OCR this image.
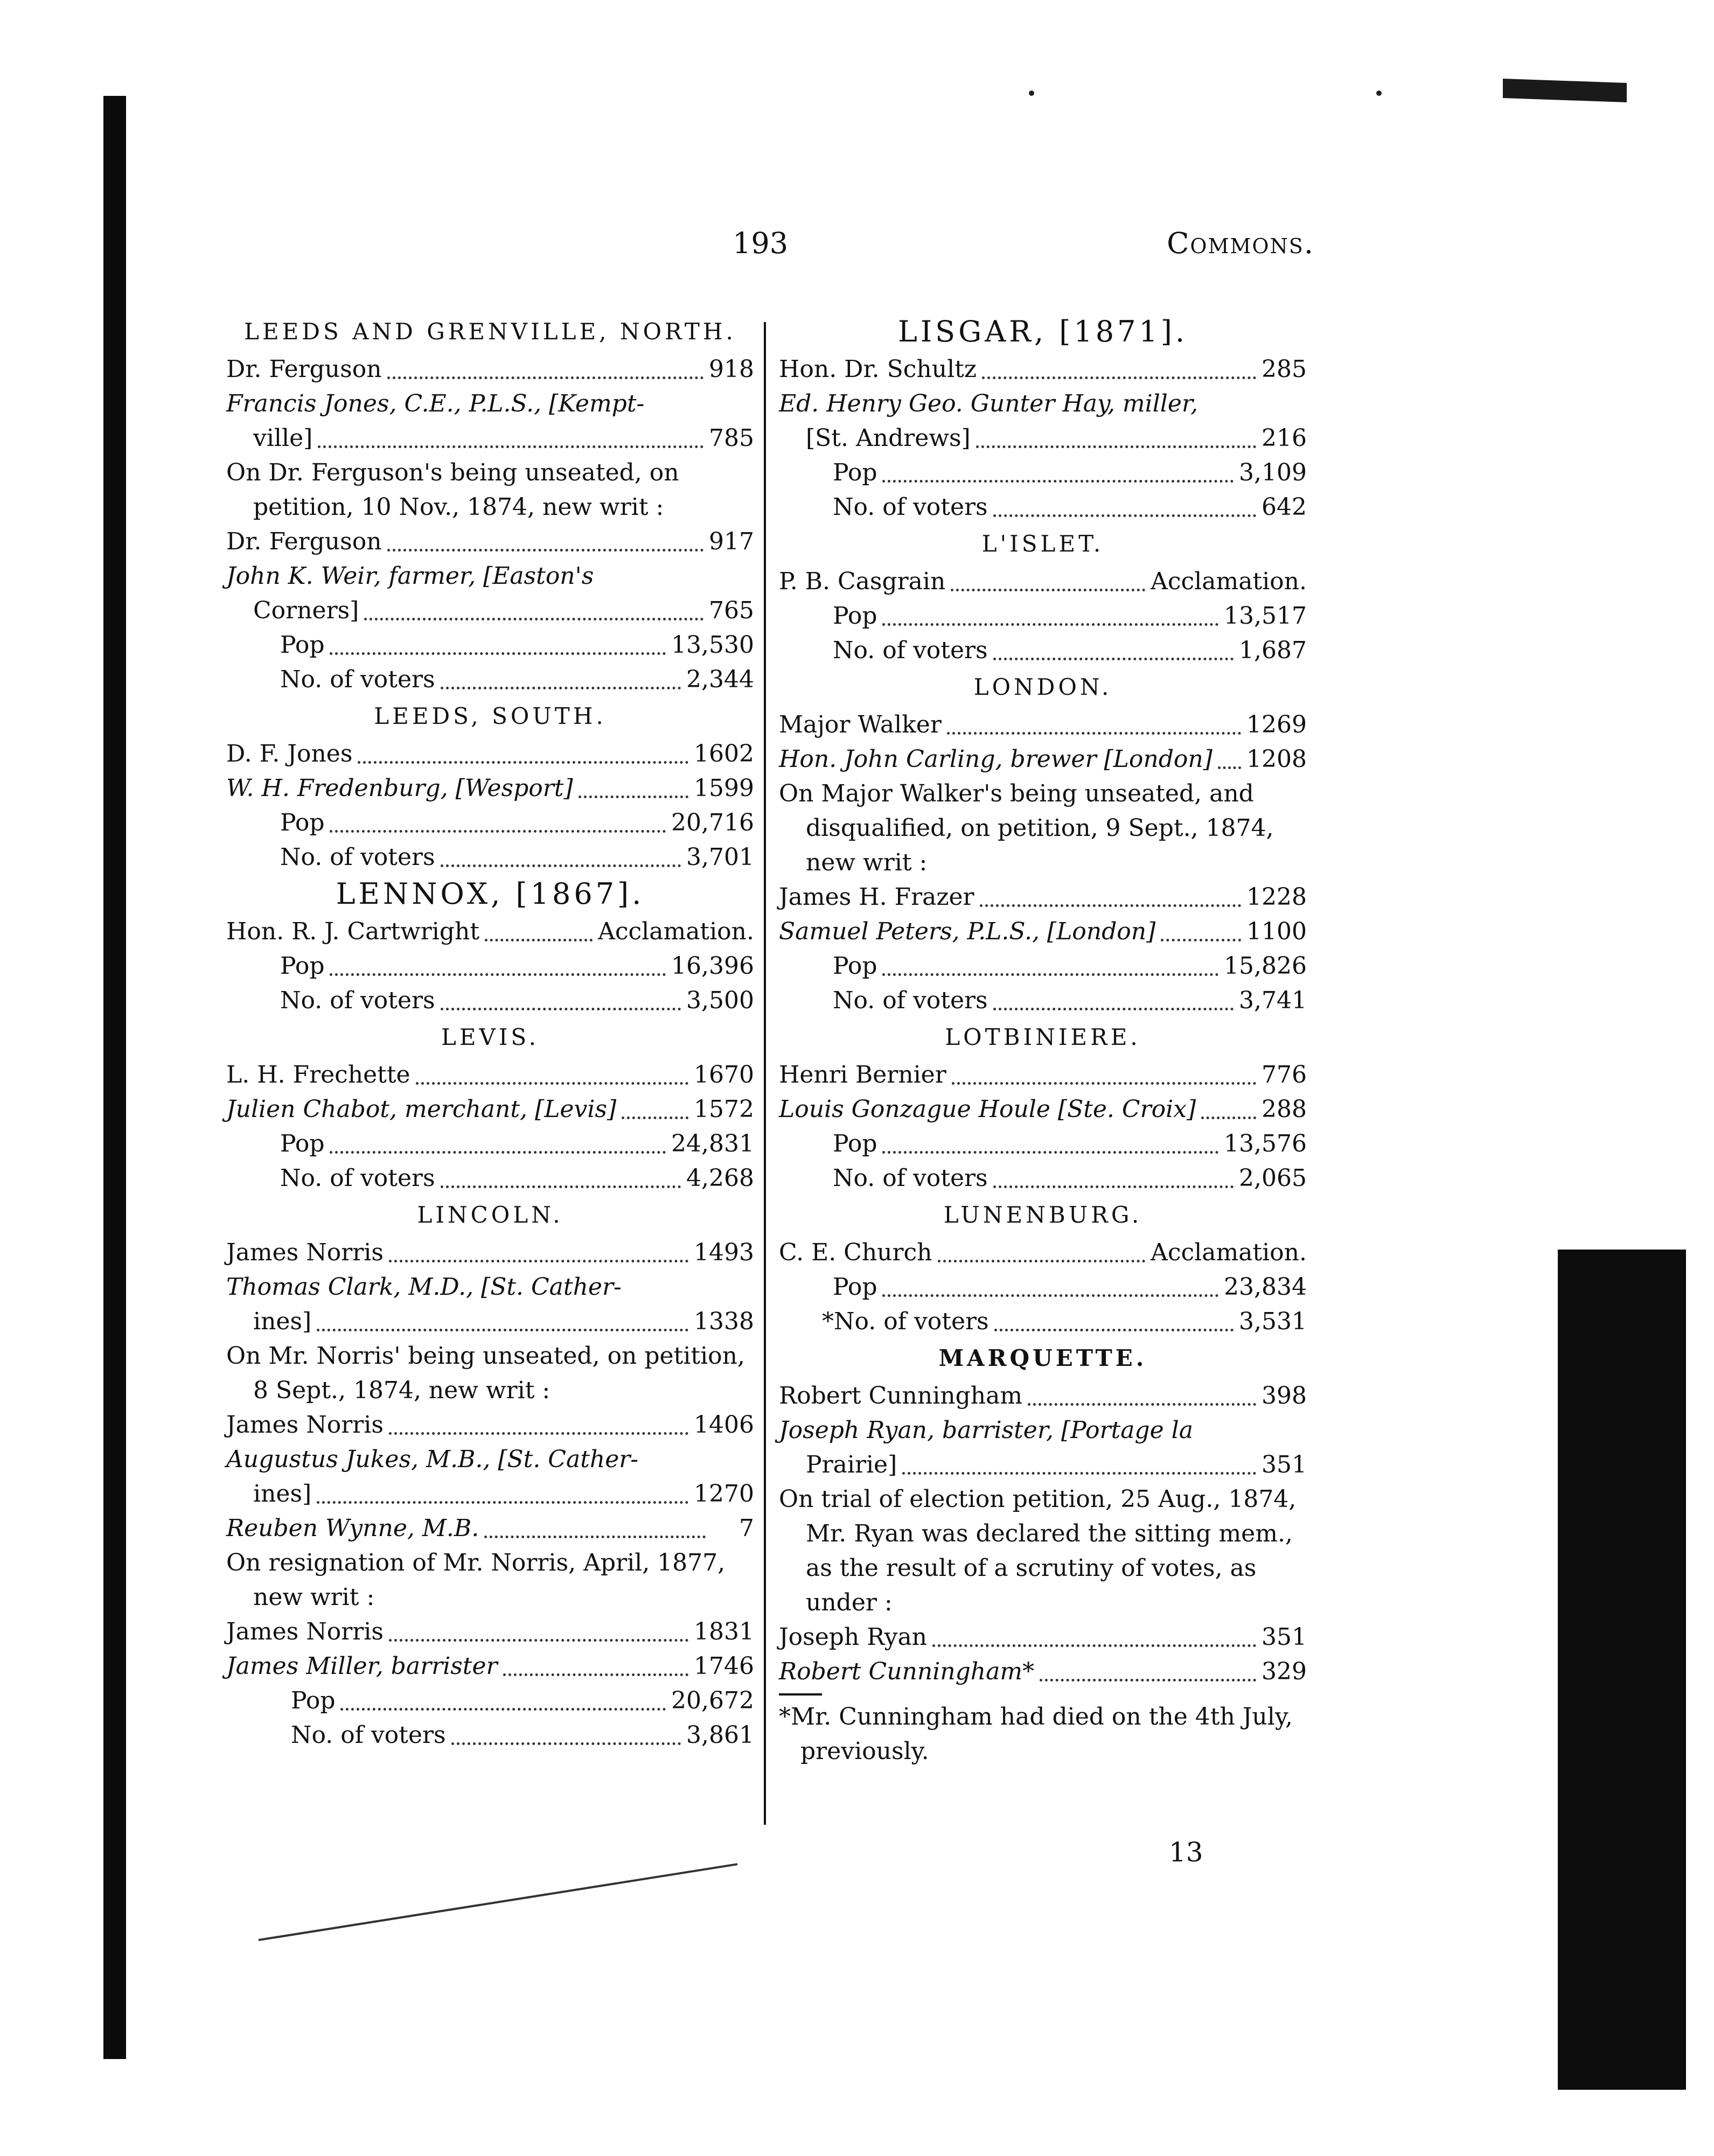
193	Commons.
LEEDS AND GRENVILLE, NORTH.
Dr. Ferguson	918
Francis Jones, C.E., P.L.S., [Kempt-
ville]	785
On Dr. Ferguson's being unseated, on petition, 10 Nov., 1874, new writ :
Dr. Ferguson	917
John K. Weir, farmer, [Easton's
Corners]	765
Pop	13,530
No. of voters	2,344
LEEDS, SOUTH.
D. F. Jones	1602
W. H. Fredenburg, [Wesport]	1599
Pop	20,716
No. of voters	3,701
LENNOX, [1867].
Hon. R. J. Cartwright	Acclamation.
Pop	16,396
No. of voters	3,500
LEVIS.
L. H. Frechette	1670
Julien Chabot, merchant, [Levis]	1572
Pop	24,831
No. of voters	4,268
LINCOLN.
James Norris	1493
Thomas Clark, M.D., [St. Cather-
ines]	1338
On Mr. Norris' being unseated, on petition, 8 Sept., 1874, new writ :
James Norris	1406
Augustus Jukes, M.B., [St. Cather-
ines]	1270
Reuben Wynne, M.B.	7
On resignation of Mr. Norris, April, 1877, new writ :
James Norris	1831
James Miller, barrister	1746
Pop	20,672
No. of voters	3,861
LISGAR, [1871].
Hon. Dr. Schultz	285
Ed. Henry Geo. Gunter Hay, miller,
[St. Andrews]	216
Pop	3,109
No. of voters	642
L'ISLET.
P. B. Casgrain	Acclamation.
Pop	13,517
No. of voters	1,687
LONDON.
Major Walker	1269
Hon. John Carling, brewer [London] 1208
On Major Walker's being unseated, and disqualified, on petition, 9 Sept., 1874, new writ :
James H. Frazer	1228
Samuel Peters, P.L.S., [London]	1100
Pop	15,826
No. of voters	3,741
LOTBINIERE.
Henri Bernier	776
Louis Gonzague Houle [Ste. Croix]	288
Pop	13,576
No. of voters	2,065
LUNENBURG.
C. E. Church	Acclamation.
Pop	23,834
*No. of voters	3,531
MARQUETTE.
Robert Cunningham	398
Joseph Ryan, barrister, [Portage la
Prairie]	351
On trial of election petition, 25 Aug., 1874, Mr. Ryan was declared the sitting mem., as the result of a scrutiny of votes, as under :
Joseph Ryan	351
Robert Cunningham*	329
*Mr. Cunningham had died on the 4th July, previously.
13
